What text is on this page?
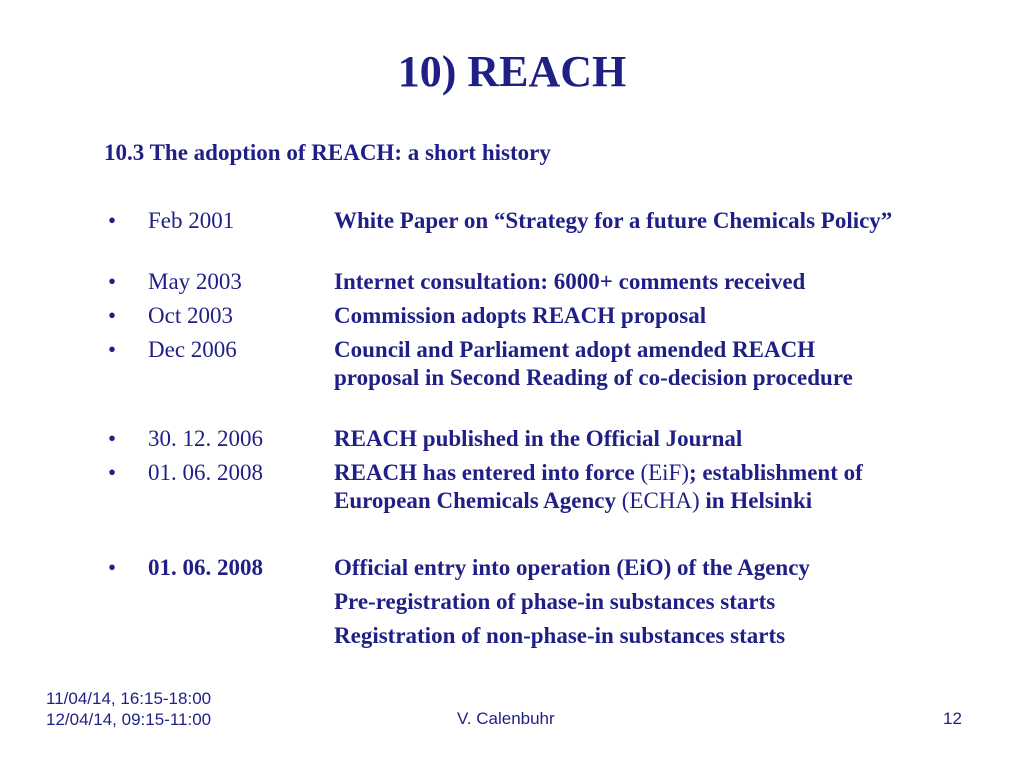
10) REACH
10.3 The adoption of REACH: a short history
• Feb 2001	White Paper on “Strategy for a future Chemicals Policy”
• May 2003	Internet consultation: 6000+ comments received
• Oct 2003	Commission adopts REACH proposal
• Dec 2006	Council and Parliament adopt amended REACH proposal in Second Reading of co-decision procedure
• 30. 12. 2006	REACH published in the Official Journal
• 01. 06. 2008	REACH has entered into force (EiF); establishment of European Chemicals Agency (ECHA) in Helsinki
• 01. 06. 2008	Official entry into operation (EiO) of the Agency
Pre-registration of phase-in substances starts
Registration of non-phase-in substances starts
11/04/14, 16:15-18:00
12/04/14, 09:15-11:00	V. Calenbuhr	12
